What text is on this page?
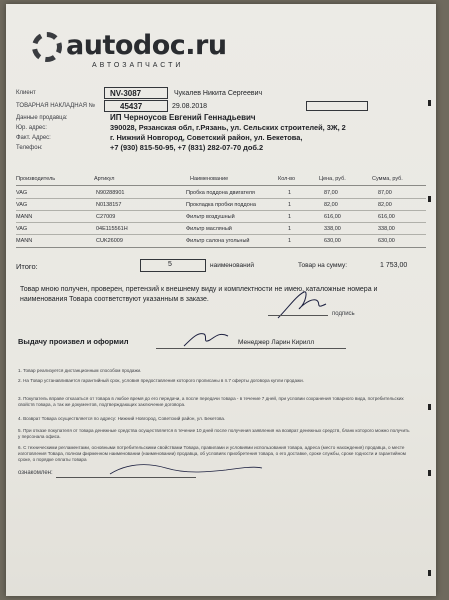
autodoc.ru
АВТОЗАПЧАСТИ
Клиент	NV-3087	Чукалев Никита Сергеевич
ТОВАРНАЯ НАКЛАДНАЯ №	45437	29.08.2018
Данные продавца:	ИП Черноусов Евгений Геннадьевич
Юр. адрес:	390028, Рязанская обл, г.Рязань, ул. Сельских строителей, 3Ж, 2
Факт. Адрес:	г. Нижний Новгород, Советский район, ул. Бекетова,
Телефон:	+7 (930) 815-50-95, +7 (831) 282-07-70 доб.2
Производитель	Артикул	Наименование	Кол-во	Цена, руб.	Сумма, руб.
VAG	N90288901	Пробка поддона двигателя	1	87,00	87,00
VAG	N0138157	Прокладка пробки поддона	1	82,00	82,00
MANN	C27009	Фильтр воздушный	1	616,00	616,00
VAG	04E115561H	Фильтр масляный	1	338,00	338,00
MANN	CUK26009	Фильтр салона угольный	1	630,00	630,00
Итого:	5	наименований	Товар на сумму:	1 753,00
Товар мною получен, проверен, претензий к внешнему виду и комплектности не имею, каталожные номера и наименования Товара соответствуют указанным в заказе.
подпись
Выдачу произвел и оформил	Менеджер Ларин Кирилл
1. Товар реализуется дистанционным способом продажи.
2. На Товар устанавливается гарантийный срок, условия предоставления которого прописаны в п.7 оферты договора купли продажи.
3. Покупатель вправе отказаться от товара в любое время до его передачи, а после передачи товара - в течение 7 дней, при условии сохранения товарного вида, потребительских свойств товара, а так же документов, подтверждающих заключение договора.
4. Возврат Товара осуществляется по адресу: Нижний Новгород, Советский район, ул. Бекетова.
5. При отказе покупателя от товара денежные средства осуществляется в течение 10 дней после получения заявления на возврат денежных средств, бланк которого можно получить у персонала офиса.
6. С техническими регламентами, основными потребительскими свойствами Товара, правилами и условиями использования товара, адреса (место нахождения) продавца, о месте изготовления Товара, полном фирменном наименовании (наименовании) продавца, об условиях приобретения товара, о его доставке, сроке службы, сроке годности и гарантийном сроке, о порядке оплаты товара
ознакомлен:
